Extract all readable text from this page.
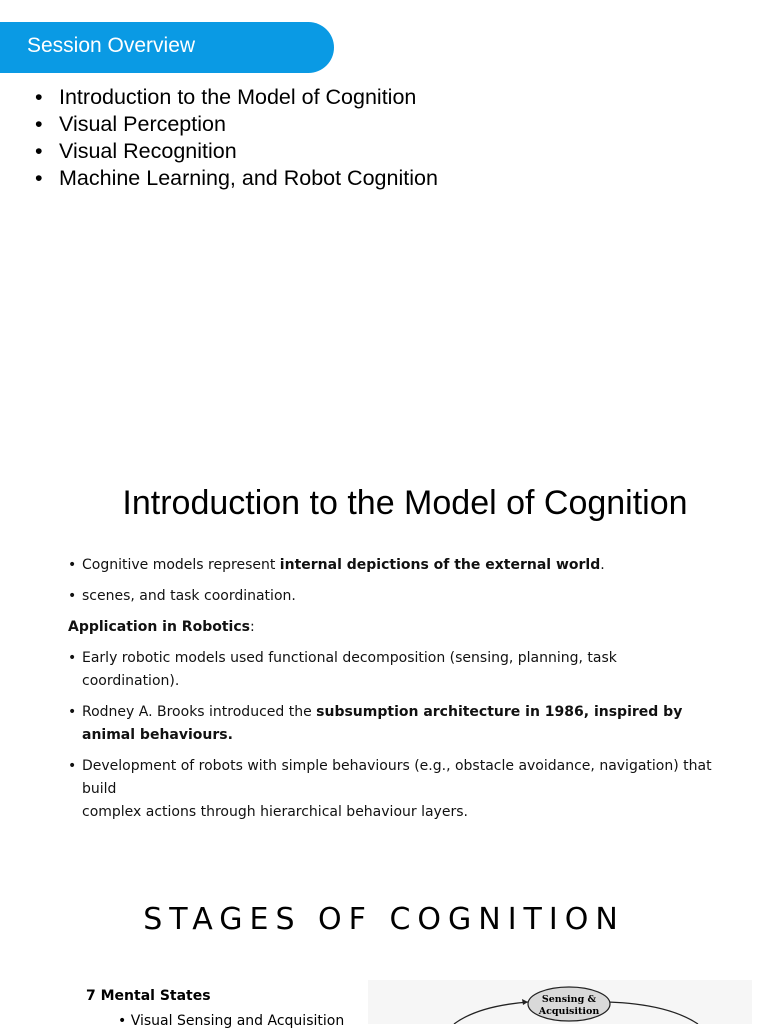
Session Overview
• Introduction to the Model of Cognition
• Visual Perception
• Visual Recognition
• Machine Learning, and Robot Cognition
Introduction to the Model of Cognition
• Cognitive models represent internal depictions of the external world.
• scenes, and task coordination.
Application in Robotics:
• Early robotic models used functional decomposition (sensing, planning, task coordination).
• Rodney A. Brooks introduced the subsumption architecture in 1986, inspired by
animal behaviours.
• Development of robots with simple behaviours (e.g., obstacle avoidance, navigation) that build
complex actions through hierarchical behaviour layers.
STAGES OF COGNITION
7 Mental States
• Visual Sensing and Acquisition
Sensing &
Acquisition
